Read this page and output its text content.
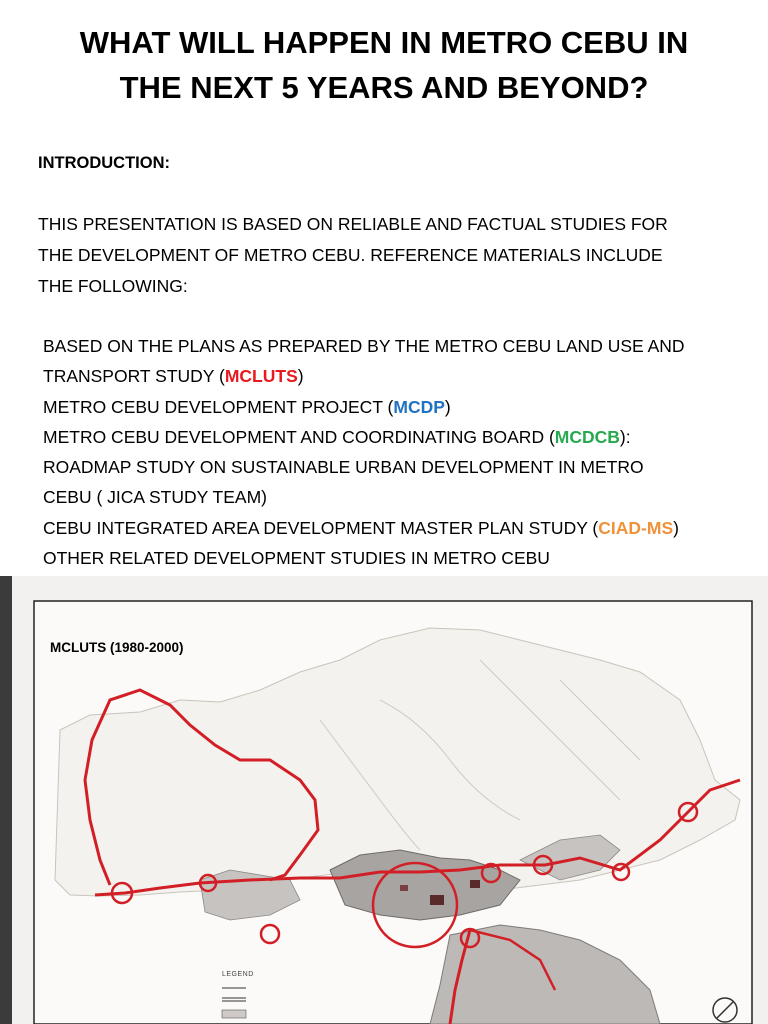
WHAT WILL HAPPEN IN METRO CEBU IN
THE NEXT 5 YEARS AND BEYOND?

INTRODUCTION:

THIS PRESENTATION IS BASED ON RELIABLE AND FACTUAL STUDIES FOR
THE DEVELOPMENT OF METRO CEBU. REFERENCE MATERIALS INCLUDE
THE FOLLOWING:

BASED ON THE PLANS AS PREPARED BY THE METRO CEBU LAND USE AND
TRANSPORT STUDY (MCLUTS)
METRO CEBU DEVELOPMENT PROJECT (MCDP)
METRO CEBU DEVELOPMENT AND COORDINATING BOARD (MCDCB):
ROADMAP STUDY ON SUSTAINABLE URBAN DEVELOPMENT IN METRO
CEBU ( JICA STUDY TEAM)
CEBU INTEGRATED AREA DEVELOPMENT MASTER PLAN STUDY (CIAD-MS)
OTHER RELATED DEVELOPMENT STUDIES IN METRO CEBU

MCLUTS (1980-2000)

LEGEND
